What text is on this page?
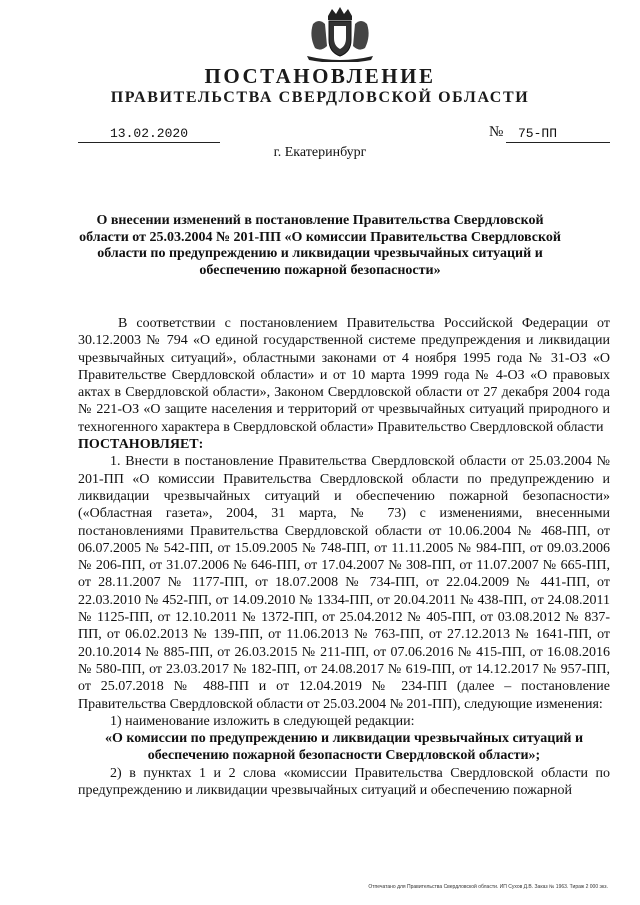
ПОСТАНОВЛЕНИЕ
ПРАВИТЕЛЬСТВА СВЕРДЛОВСКОЙ ОБЛАСТИ
13.02.2020	№	75-ПП
г. Екатеринбург
О внесении изменений в постановление Правительства Свердловской области от 25.03.2004 № 201-ПП «О комиссии Правительства Свердловской области по предупреждению и ликвидации чрезвычайных ситуаций и обеспечению пожарной безопасности»

В соответствии с постановлением Правительства Российской Федерации от 30.12.2003 № 794 «О единой государственной системе предупреждения и ликвидации чрезвычайных ситуаций», областными законами от 4 ноября 1995 года № 31-ОЗ «О Правительстве Свердловской области» и от 10 марта 1999 года № 4-ОЗ «О правовых актах в Свердловской области», Законом Свердловской области от 27 декабря 2004 года № 221-ОЗ «О защите населения и территорий от чрезвычайных ситуаций природного и техногенного характера в Свердловской области» Правительство Свердловской области

ПОСТАНОВЛЯЕТ:

1. Внести в постановление Правительства Свердловской области от 25.03.2004 № 201-ПП «О комиссии Правительства Свердловской области по предупреждению и ликвидации чрезвычайных ситуаций и обеспечению пожарной безопасности» («Областная газета», 2004, 31 марта, № 73) с изменениями, внесенными постановлениями Правительства Свердловской области от 10.06.2004 № 468-ПП, от 06.07.2005 № 542-ПП, от 15.09.2005 № 748-ПП, от 11.11.2005 № 984-ПП, от 09.03.2006 № 206-ПП, от 31.07.2006 № 646-ПП, от 17.04.2007 № 308-ПП, от 11.07.2007 № 665-ПП, от 28.11.2007 № 1177-ПП, от 18.07.2008 № 734-ПП, от 22.04.2009 № 441-ПП, от 22.03.2010 № 452-ПП, от 14.09.2010 № 1334-ПП, от 20.04.2011 № 438-ПП, от 24.08.2011 № 1125-ПП, от 12.10.2011 № 1372-ПП, от 25.04.2012 № 405-ПП, от 03.08.2012 № 837-ПП, от 06.02.2013 № 139-ПП, от 11.06.2013 № 763-ПП, от 27.12.2013 № 1641-ПП, от 20.10.2014 № 885-ПП, от 26.03.2015 № 211-ПП, от 07.06.2016 № 415-ПП, от 16.08.2016 № 580-ПП, от 23.03.2017 № 182-ПП, от 24.08.2017 № 619-ПП, от 14.12.2017 № 957-ПП, от 25.07.2018 № 488-ПП и от 12.04.2019 № 234-ПП (далее – постановление Правительства Свердловской области от 25.03.2004 № 201-ПП), следующие изменения:

1) наименование изложить в следующей редакции:

«О комиссии по предупреждению и ликвидации чрезвычайных ситуаций и обеспечению пожарной безопасности Свердловской области»;

2) в пунктах 1 и 2 слова «комиссии Правительства Свердловской области по предупреждению и ликвидации чрезвычайных ситуаций и обеспечению пожарной

Отпечатано для Правительства Свердловской области. ИП Сухов Д.В. Заказ № 1963. Тираж 2 000 экз.
